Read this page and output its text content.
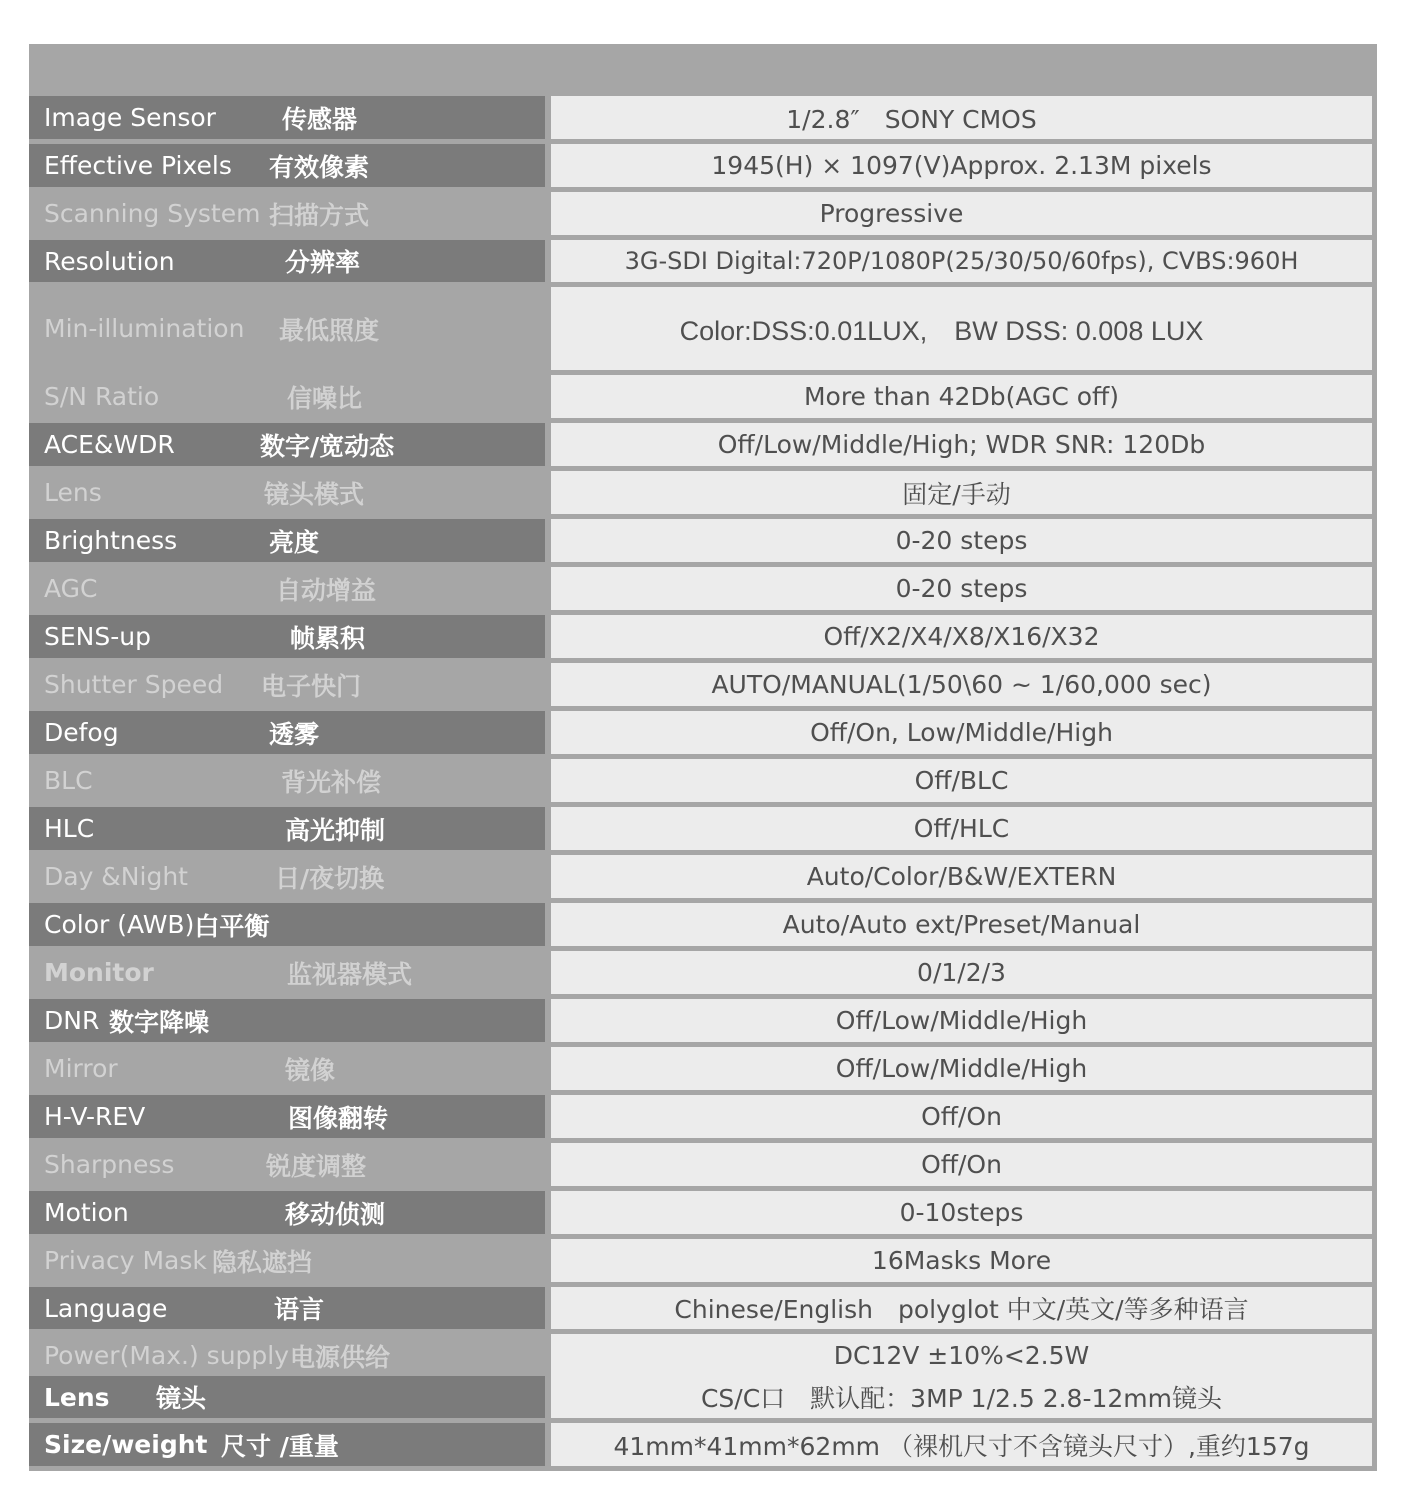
Image Sensor	传感器	1/2.8″　SONY CMOS
Effective Pixels	有效像素	1945(H) × 1097(V)Approx. 2.13M pixels
Scanning System 扫描方式	Progressive
Resolution	分辨率	3G-SDI Digital:720P/1080P(25/30/50/60fps), CVBS:960H
Min-illumination	最低照度	Color:DSS:0.01LUX,　BW DSS: 0.008 LUX
S/N Ratio	信噪比	More than 42Db(AGC off)
ACE&WDR	数字/宽动态	Off/Low/Middle/High; WDR SNR: 120Db
Lens	镜头模式	固定/手动
Brightness	亮度	0-20 steps
AGC	自动增益	0-20 steps
SENS-up	帧累积	Off/X2/X4/X8/X16/X32
Shutter Speed	电子快门	AUTO/MANUAL(1/50\60 ~ 1/60,000 sec)
Defog	透雾	Off/On, Low/Middle/High
BLC	背光补偿	Off/BLC
HLC	高光抑制	Off/HLC
Day &Night	日/夜切换	Auto/Color/B&W/EXTERN
Color (AWB) 白平衡	Auto/Auto ext/Preset/Manual
Monitor	监视器模式	0/1/2/3
DNR 数字降噪	Off/Low/Middle/High
Mirror	镜像	Off/Low/Middle/High
H-V-REV	图像翻转	Off/On
Sharpness	锐度调整	Off/On
Motion	移动侦测	0-10steps
Privacy Mask 隐私遮挡	16Masks More
Language	语言	Chinese/English　polyglot 中文/英文/等多种语言
Power(Max.) supply 电源供给	DC12V ±10%<2.5W
Lens	镜头	CS/C口　默认配：3MP 1/2.5 2.8-12mm镜头
Size/weight 尺寸 /重量	41mm*41mm*62mm （裸机尺寸不含镜头尺寸）,重约157g
